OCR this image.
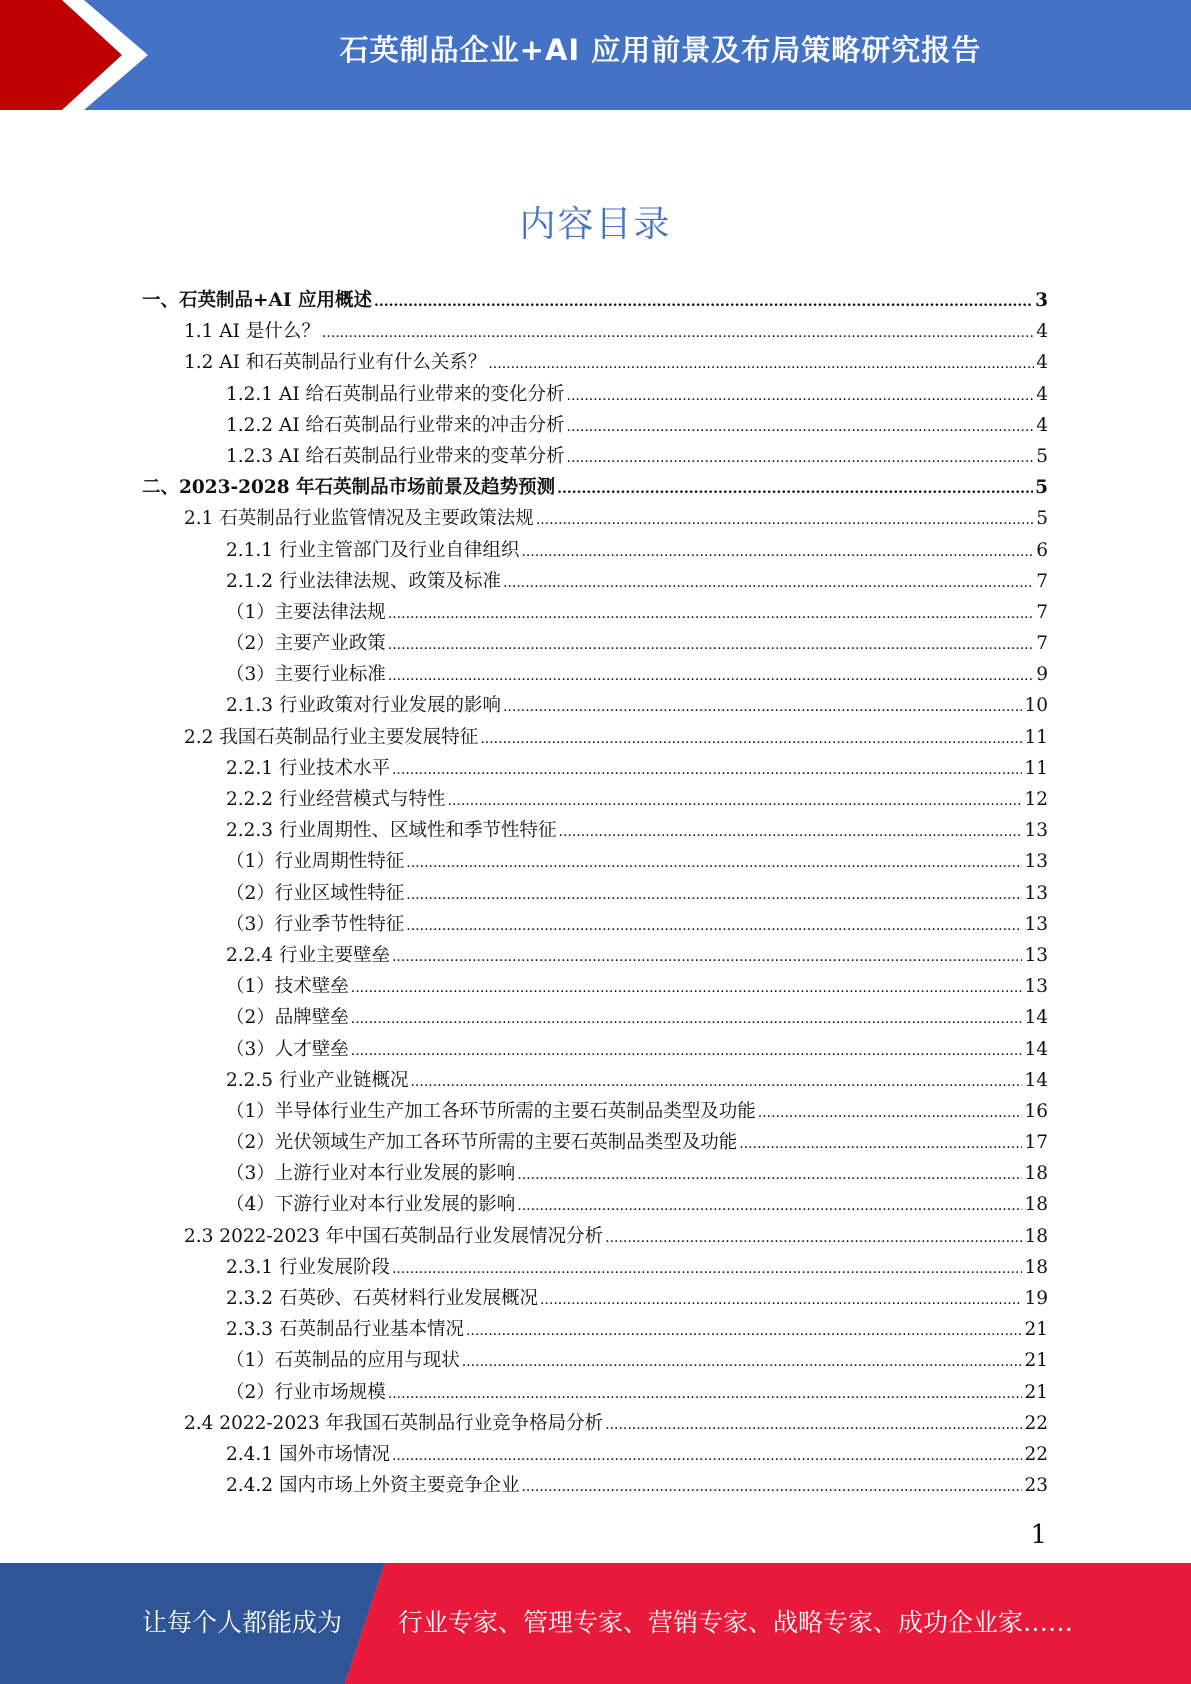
石英制品企业+AI 应用前景及布局策略研究报告
内容目录
一、石英制品+AI 应用概述 .....	3
1.1 AI 是什么？ .....	4
1.2 AI 和石英制品行业有什么关系？ .....	4
1.2.1 AI 给石英制品行业带来的变化分析 .....	4
1.2.2 AI 给石英制品行业带来的冲击分析 .....	4
1.2.3 AI 给石英制品行业带来的变革分析 .....	5
二、2023-2028 年石英制品市场前景及趋势预测 .....	5
2.1 石英制品行业监管情况及主要政策法规 .....	5
2.1.1 行业主管部门及行业自律组织 .....	6
2.1.2 行业法律法规、政策及标准 .....	7
（1）主要法律法规 .....	7
（2）主要产业政策 .....	7
（3）主要行业标准 .....	9
2.1.3 行业政策对行业发展的影响 .....	10
2.2 我国石英制品行业主要发展特征 .....	11
2.2.1 行业技术水平 .....	11
2.2.2 行业经营模式与特性 .....	12
2.2.3 行业周期性、区域性和季节性特征 .....	13
（1）行业周期性特征 .....	13
（2）行业区域性特征 .....	13
（3）行业季节性特征 .....	13
2.2.4 行业主要壁垒 .....	13
（1）技术壁垒 .....	13
（2）品牌壁垒 .....	14
（3）人才壁垒 .....	14
2.2.5 行业产业链概况 .....	14
（1）半导体行业生产加工各环节所需的主要石英制品类型及功能 .....	16
（2）光伏领域生产加工各环节所需的主要石英制品类型及功能 .....	17
（3）上游行业对本行业发展的影响 .....	18
（4）下游行业对本行业发展的影响 .....	18
2.3 2022-2023 年中国石英制品行业发展情况分析 .....	18
2.3.1 行业发展阶段 .....	18
2.3.2 石英砂、石英材料行业发展概况 .....	19
2.3.3 石英制品行业基本情况 .....	21
（1）石英制品的应用与现状 .....	21
（2）行业市场规模 .....	21
2.4 2022-2023 年我国石英制品行业竞争格局分析 .....	22
2.4.1 国外市场情况 .....	22
2.4.2 国内市场上外资主要竞争企业 .....	23
1
让每个人都能成为 行业专家、管理专家、营销专家、战略专家、成功企业家……
